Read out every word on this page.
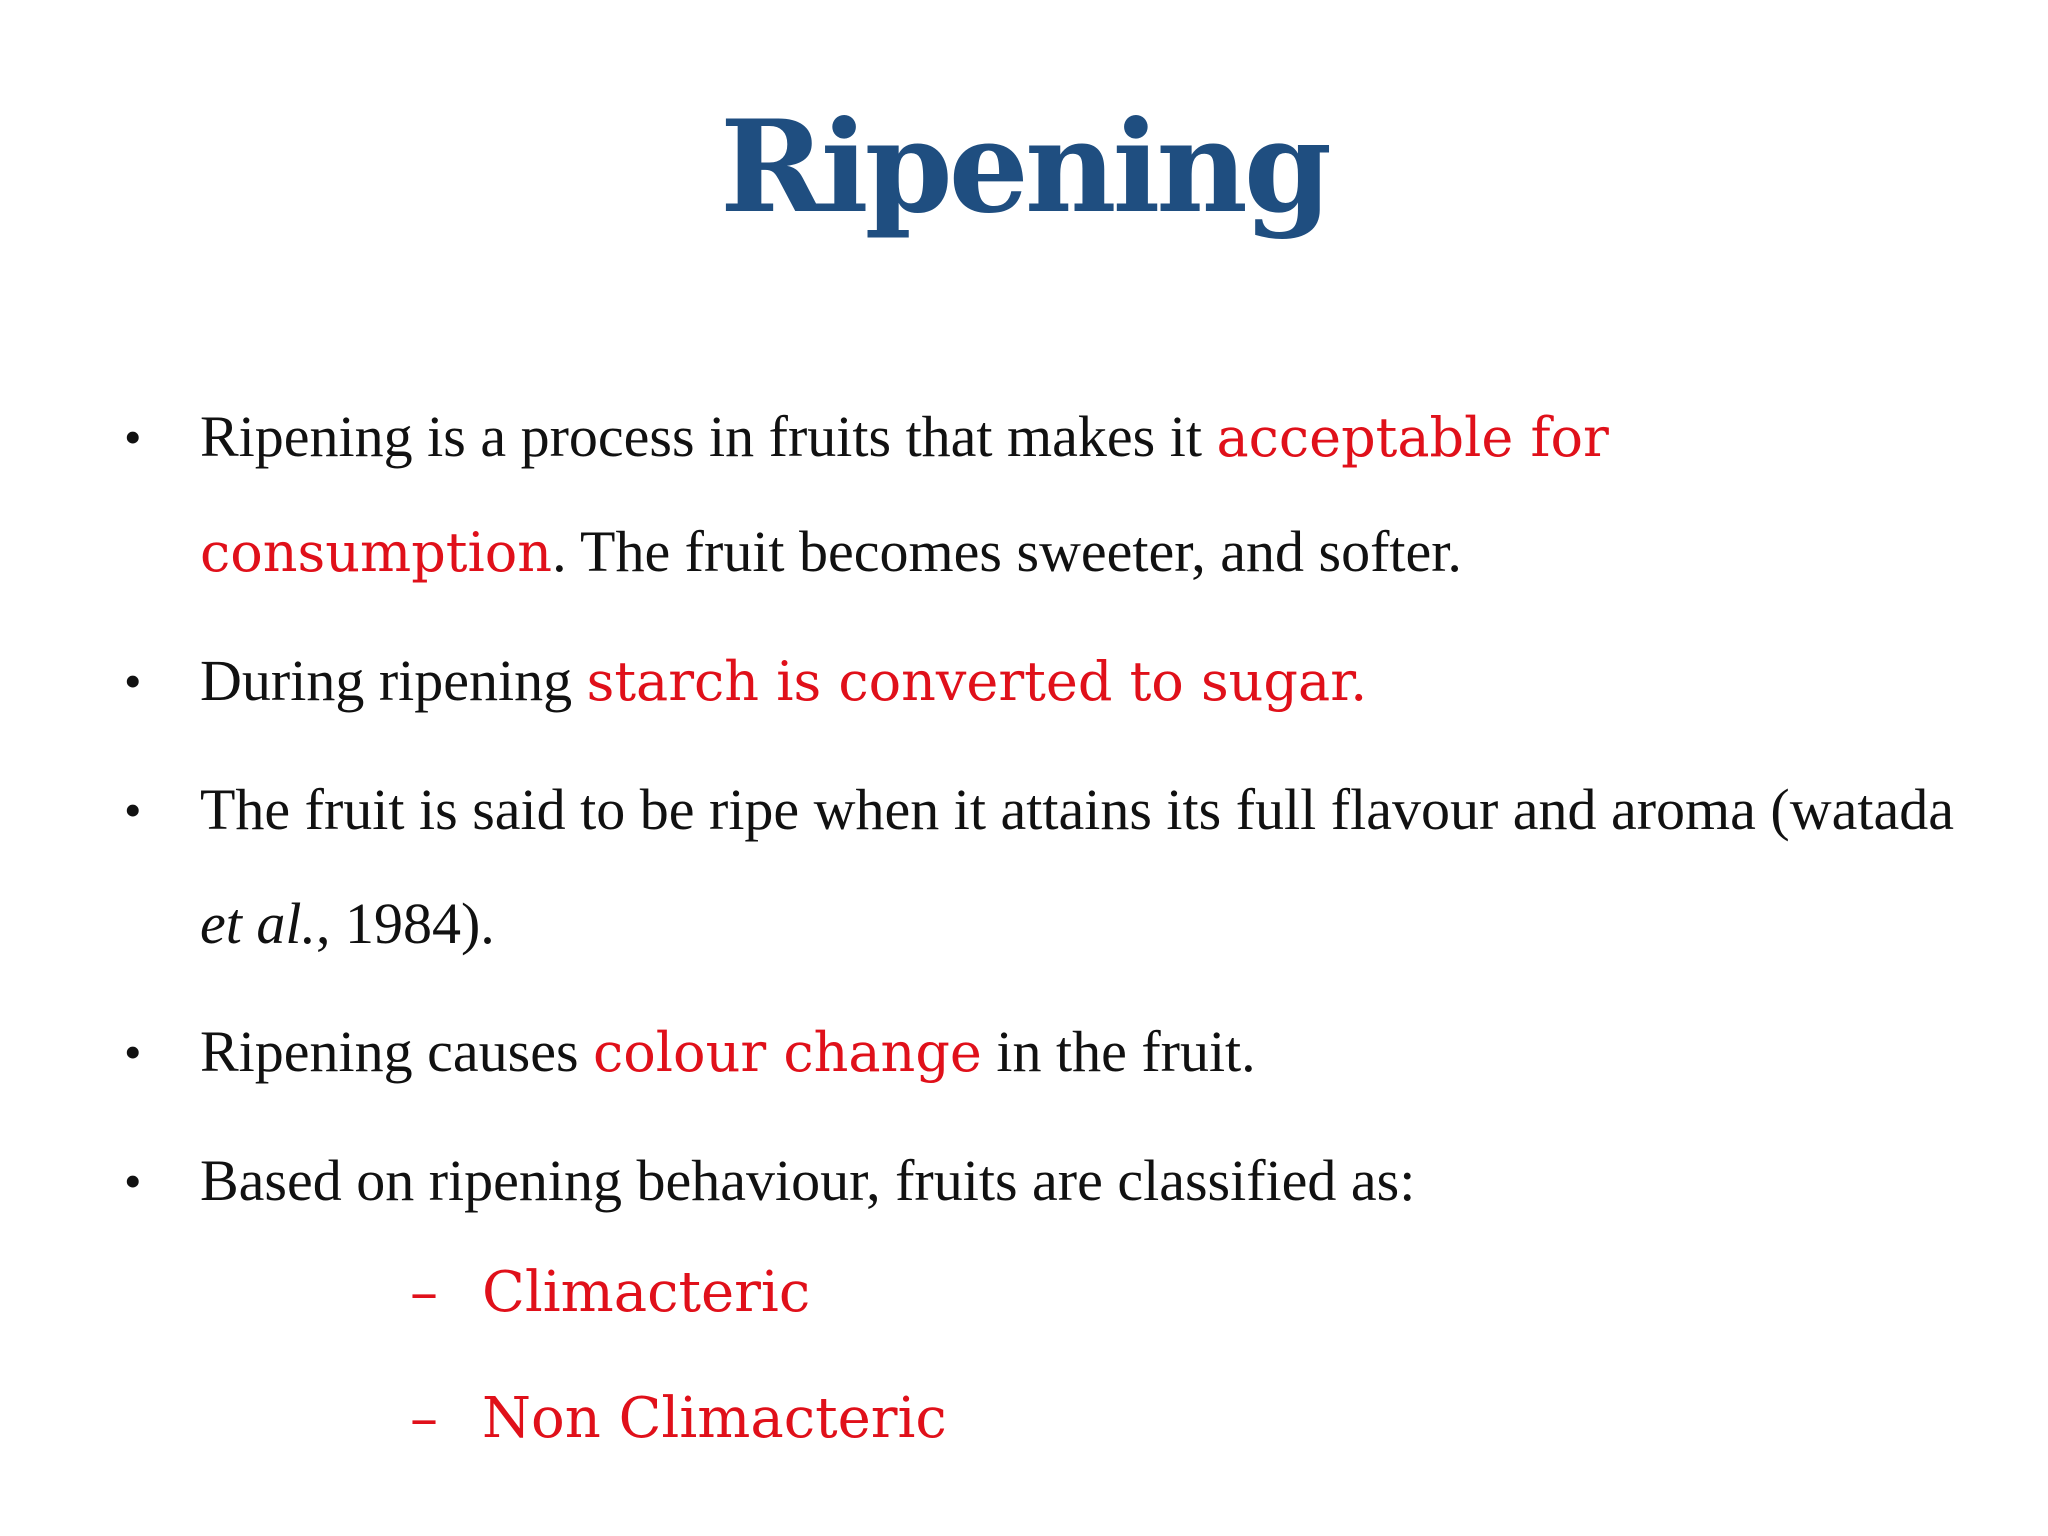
Ripening
• Ripening is a process in fruits that makes it acceptable for consumption. The fruit becomes sweeter, and softer.
• During ripening starch is converted to sugar.
• The fruit is said to be ripe when it attains its full flavour and aroma (watada et al., 1984).
• Ripening causes colour change in the fruit.
• Based on ripening behaviour, fruits are classified as:
– Climacteric
– Non Climacteric
